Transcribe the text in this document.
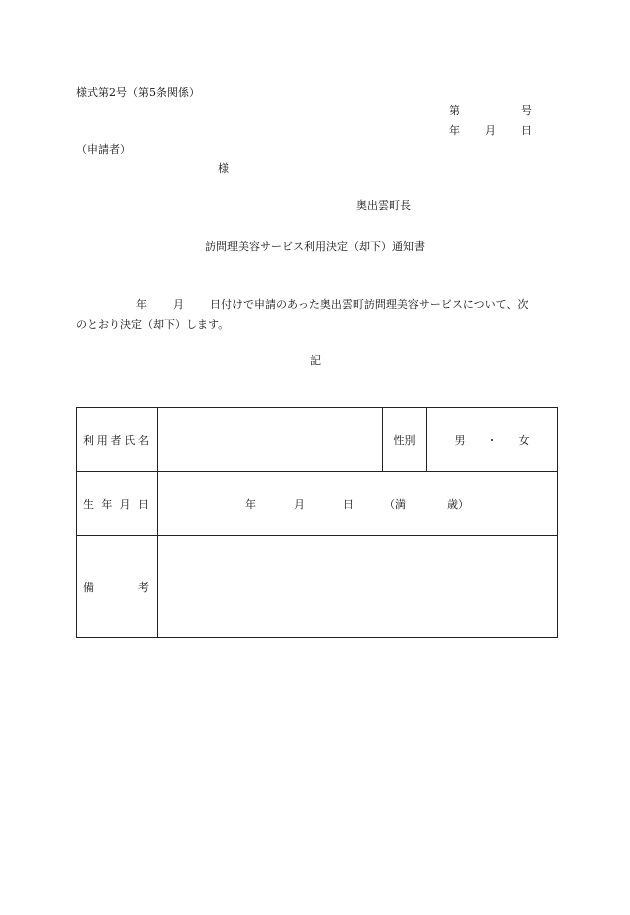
様式第2号（第5条関係）
第	号
年 月 日
（申請者）
様
奥出雲町長
訪問理美容サービス利用決定（却下）通知書
年 月 日付けで申請のあった奥出雲町訪問理美容サービスについて、次
のとおり決定（却下）します。
記
利 用 者 氏 名		性別	男 ・ 女

生 年 月 日	年 月 日 （満 歳）		

備 考			
